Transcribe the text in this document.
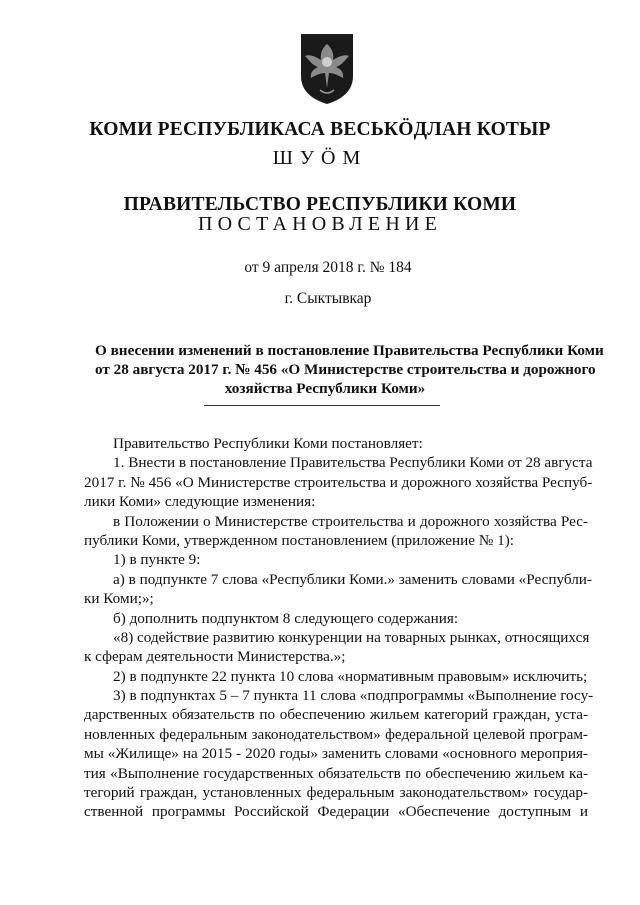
КОМИ РЕСПУБЛИКАСА ВЕСЬКÖДЛАН КОТЫР
ШУÖМ
ПРАВИТЕЛЬСТВО РЕСПУБЛИКИ КОМИ
ПОСТАНОВЛЕНИЕ
от 9 апреля 2018 г. № 184
г. Сыктывкар
О внесении изменений в постановление Правительства Республики Коми
от 28 августа 2017 г. № 456 «О Министерстве строительства и дорожного
хозяйства Республики Коми»
Правительство Республики Коми постановляет:
1. Внести в постановление Правительства Республики Коми от 28 августа
2017 г. № 456 «О Министерстве строительства и дорожного хозяйства Респуб-
лики Коми» следующие изменения:
в Положении о Министерстве строительства и дорожного хозяйства Рес-
публики Коми, утвержденном постановлением (приложение № 1):
1) в пункте 9:
а) в подпункте 7 слова «Республики Коми.» заменить словами «Республи-
ки Коми;»;
б) дополнить подпунктом 8 следующего содержания:
«8) содействие развитию конкуренции на товарных рынках, относящихся
к сферам деятельности Министерства.»;
2) в подпункте 22 пункта 10 слова «нормативным правовым» исключить;
3) в подпунктах 5 – 7 пункта 11 слова «подпрограммы «Выполнение госу-
дарственных обязательств по обеспечению жильем категорий граждан, уста-
новленных федеральным законодательством» федеральной целевой програм-
мы «Жилище» на 2015 - 2020 годы» заменить словами «основного мероприя-
тия «Выполнение государственных обязательств по обеспечению жильем ка-
тегорий граждан, установленных федеральным законодательством» государ-
ственной программы Российской Федерации «Обеспечение доступным и
